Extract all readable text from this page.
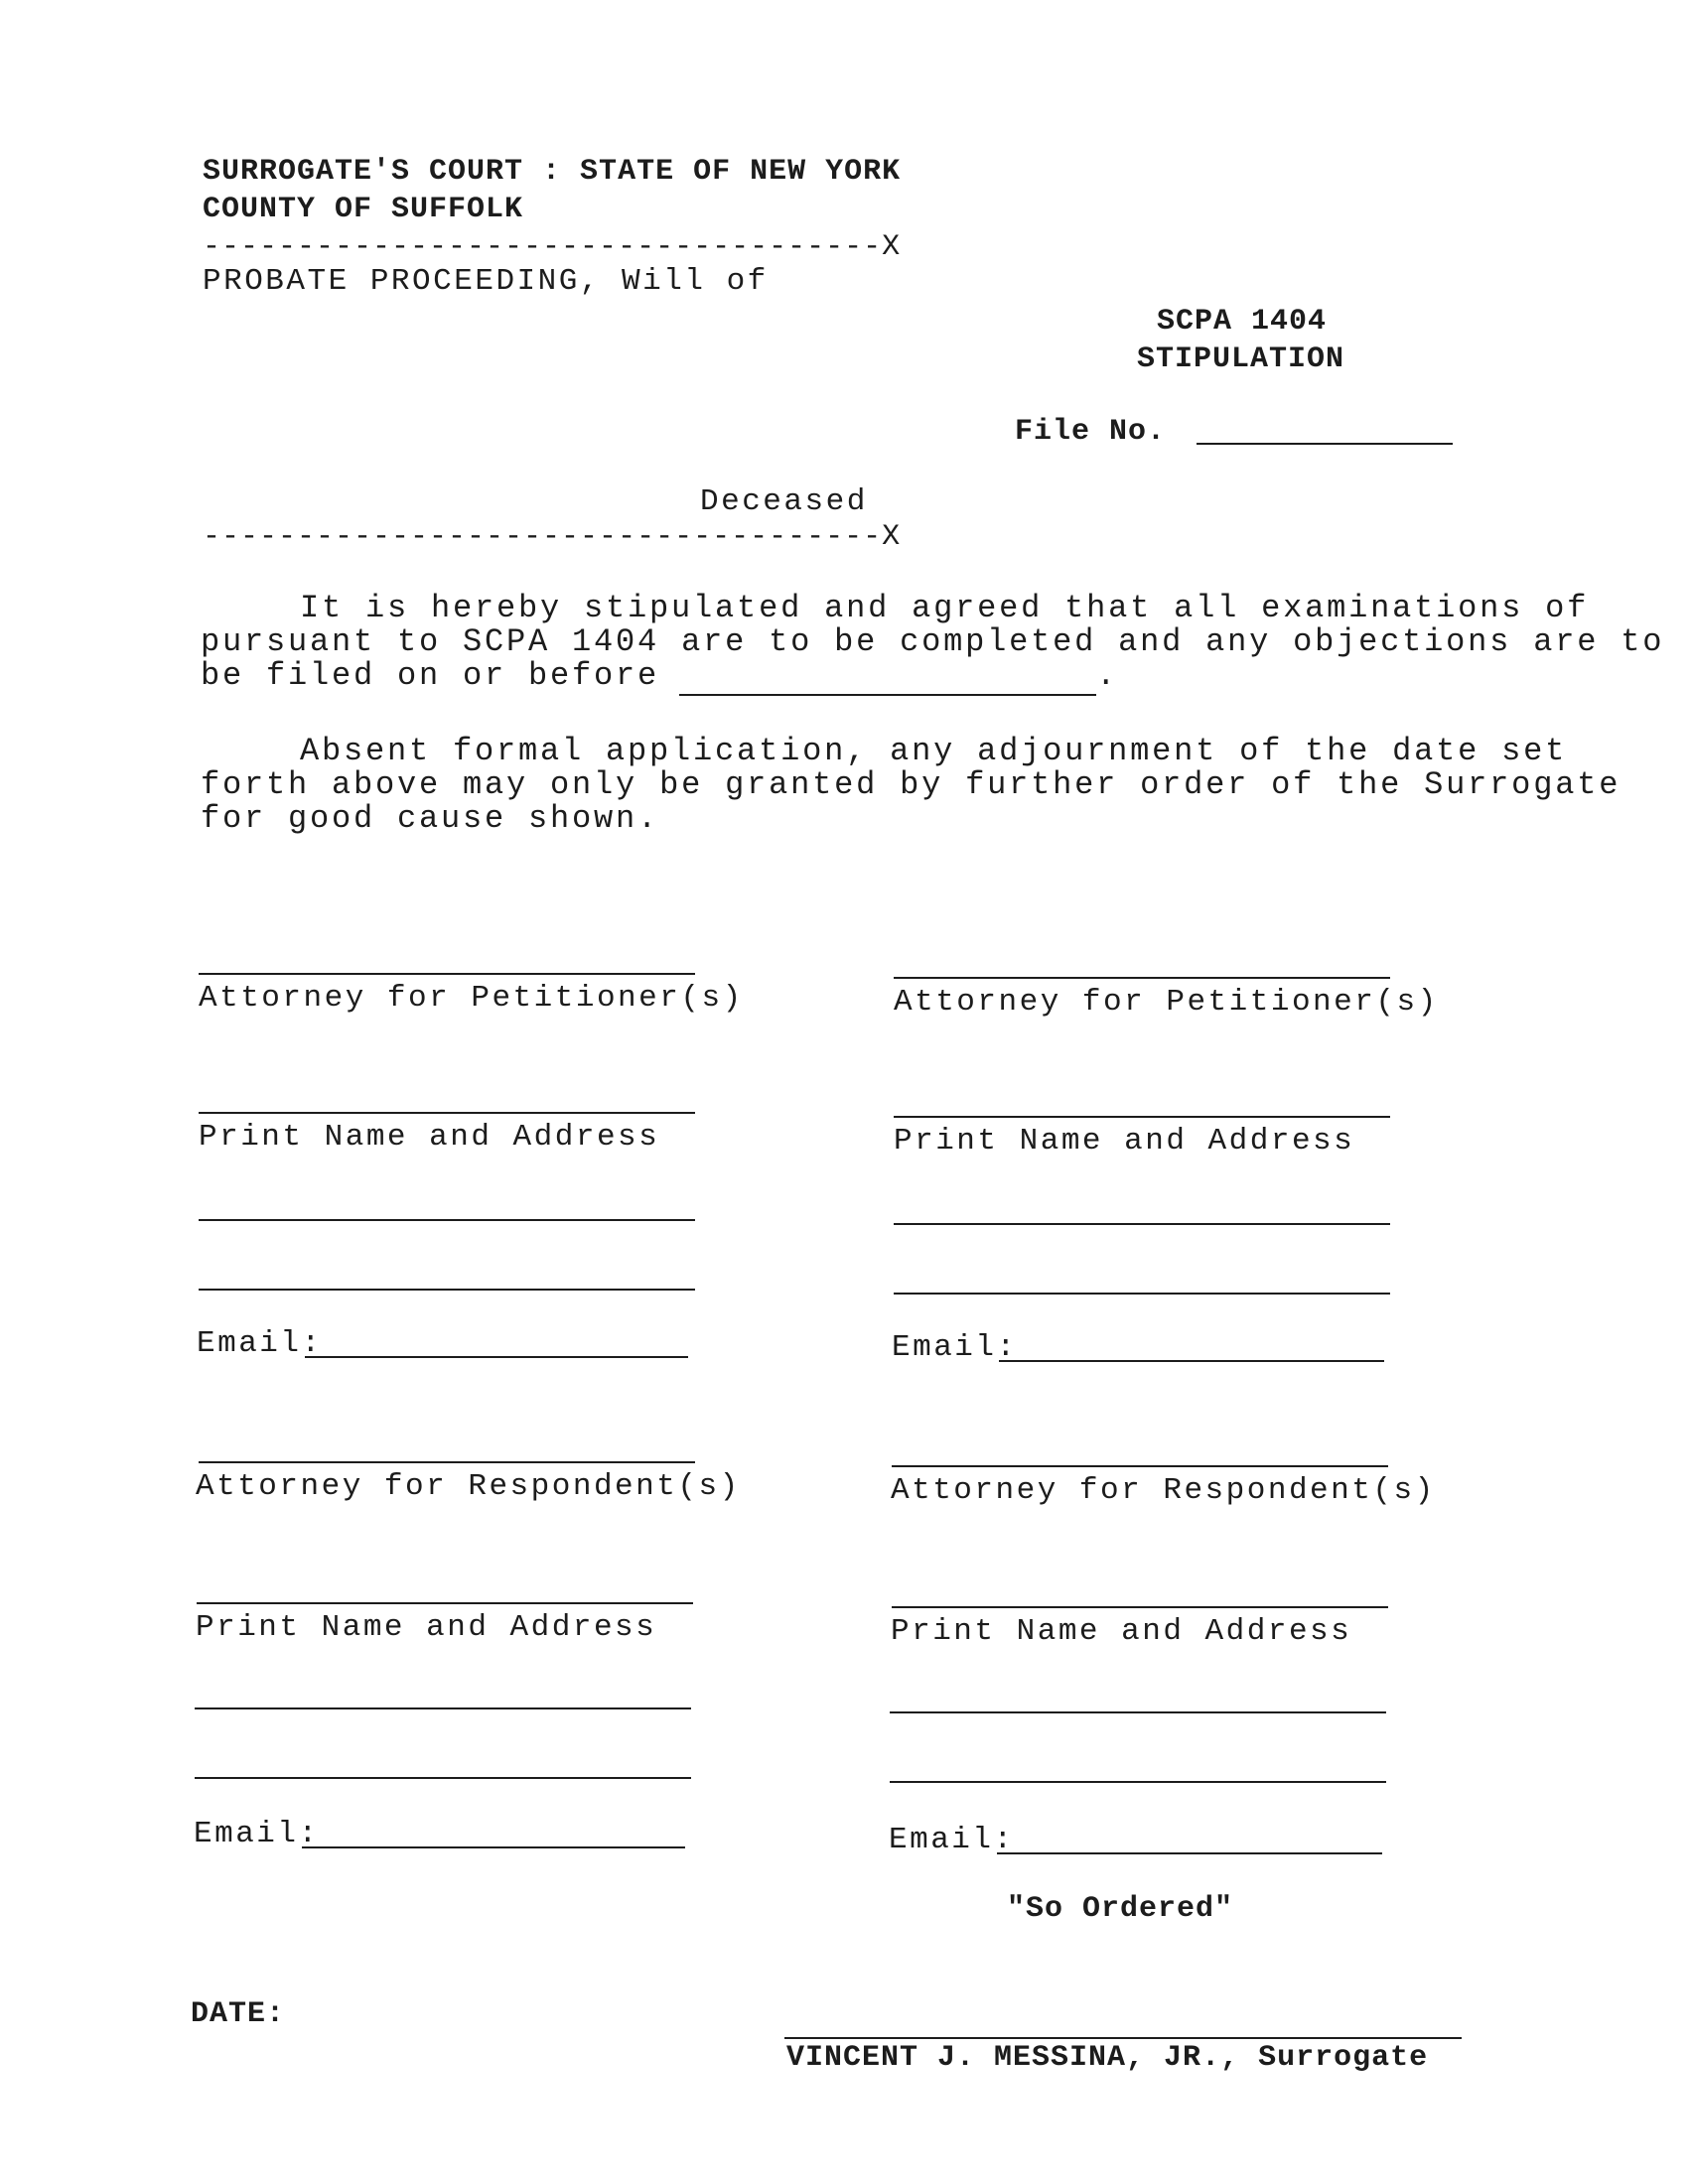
SURROGATE'S COURT : STATE OF NEW YORK
COUNTY OF SUFFOLK
------------------------------------X
PROBATE PROCEEDING, Will of
SCPA 1404
STIPULATION
File No.
Deceased
------------------------------------X
It is hereby stipulated and agreed that all examinations of
pursuant to SCPA 1404 are to be completed and any objections are to
be filed on or before	.
Absent formal application, any adjournment of the date set
forth above may only be granted by further order of the Surrogate
for good cause shown.
Attorney for Petitioner(s)
Print Name and Address
Email:
Attorney for Respondent(s)
Print Name and Address
Email:
Attorney for Petitioner(s)
Print Name and Address
Email:
Attorney for Respondent(s)
Print Name and Address
Email:
"So Ordered"
DATE:
VINCENT J. MESSINA, JR., Surrogate
